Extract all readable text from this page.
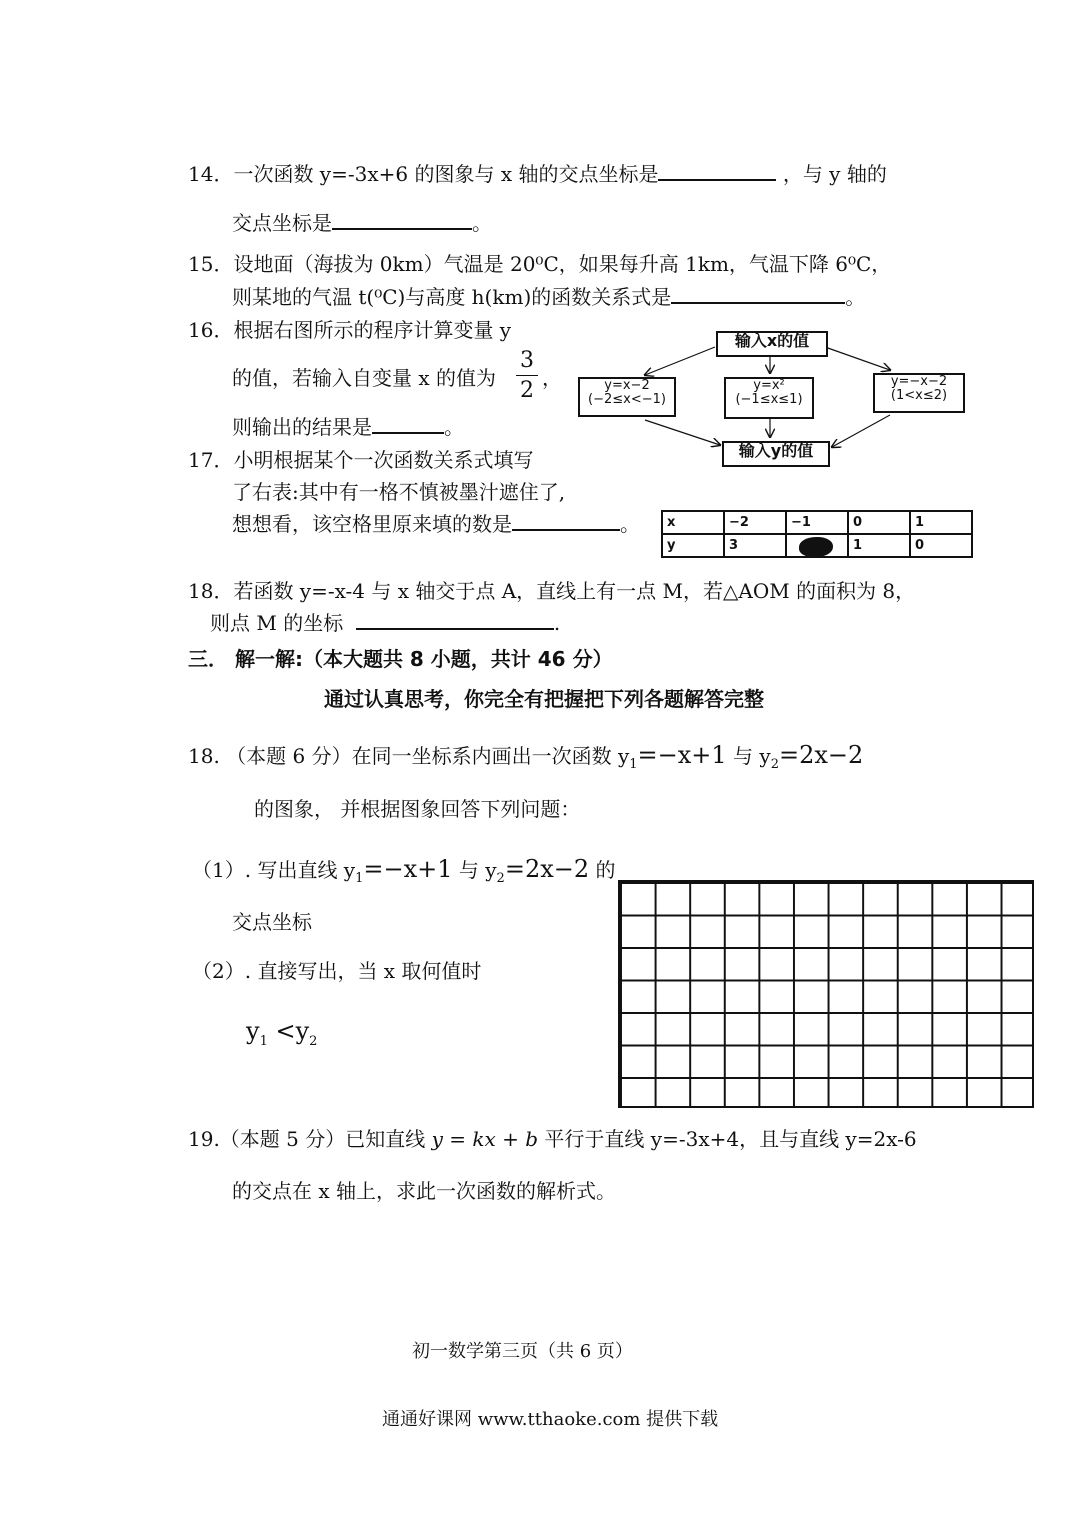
14．一次函数 y=-3x+6 的图象与 x 轴的交点坐标是	，与 y 轴的
交点坐标是	。
15．设地面（海拔为 0km）气温是 20⁰C，如果每升高 1km，气温下降 6⁰C，
则某地的气温 t(⁰C)与高度 h(km)的函数关系式是	。
16．根据右图所示的程序计算变量 y
的值，若输入自变量 x 的值为
3
2 ，
则输出的结果是	。
输入x的值
y=x−2
(−2≤x<−1)
y=x²
(−1≤x≤1)
y=−x−2
(1<x≤2)
输入y的值
17．小明根据某个一次函数关系式填写
了右表:其中有一格不慎被墨汁遮住了,
想想看，该空格里原来填的数是	。 x	−2	−1	0	1
y	3		1	0
18．若函数 y=-x-4 与 x 轴交于点 A，直线上有一点 M，若△AOM 的面积为 8，
则点 M 的坐标	.
三． 解一解:（本大题共 8 小题，共计 46 分）
通过认真思考，你完全有把握把下列各题解答完整
18. （本题 6 分）在同一坐标系内画出一次函数 $y_1=-x+1$ 与 $y_2=2x-2$
的图象， 并根据图象回答下列问题：
（1）. 写出直线 $y_1=-x+1$ 与 $y_2=2x-2$ 的
交点坐标
（2）. 直接写出，当 x 取何值时
$y_1 <y_2$
19.（本题 5 分）已知直线 y = kx + b 平行于直线 y=-3x+4，且与直线 y=2x-6
的交点在 x 轴上，求此一次函数的解析式。
初一数学第三页（共 6 页）
通通好课网 www.tthaoke.com 提供下载
